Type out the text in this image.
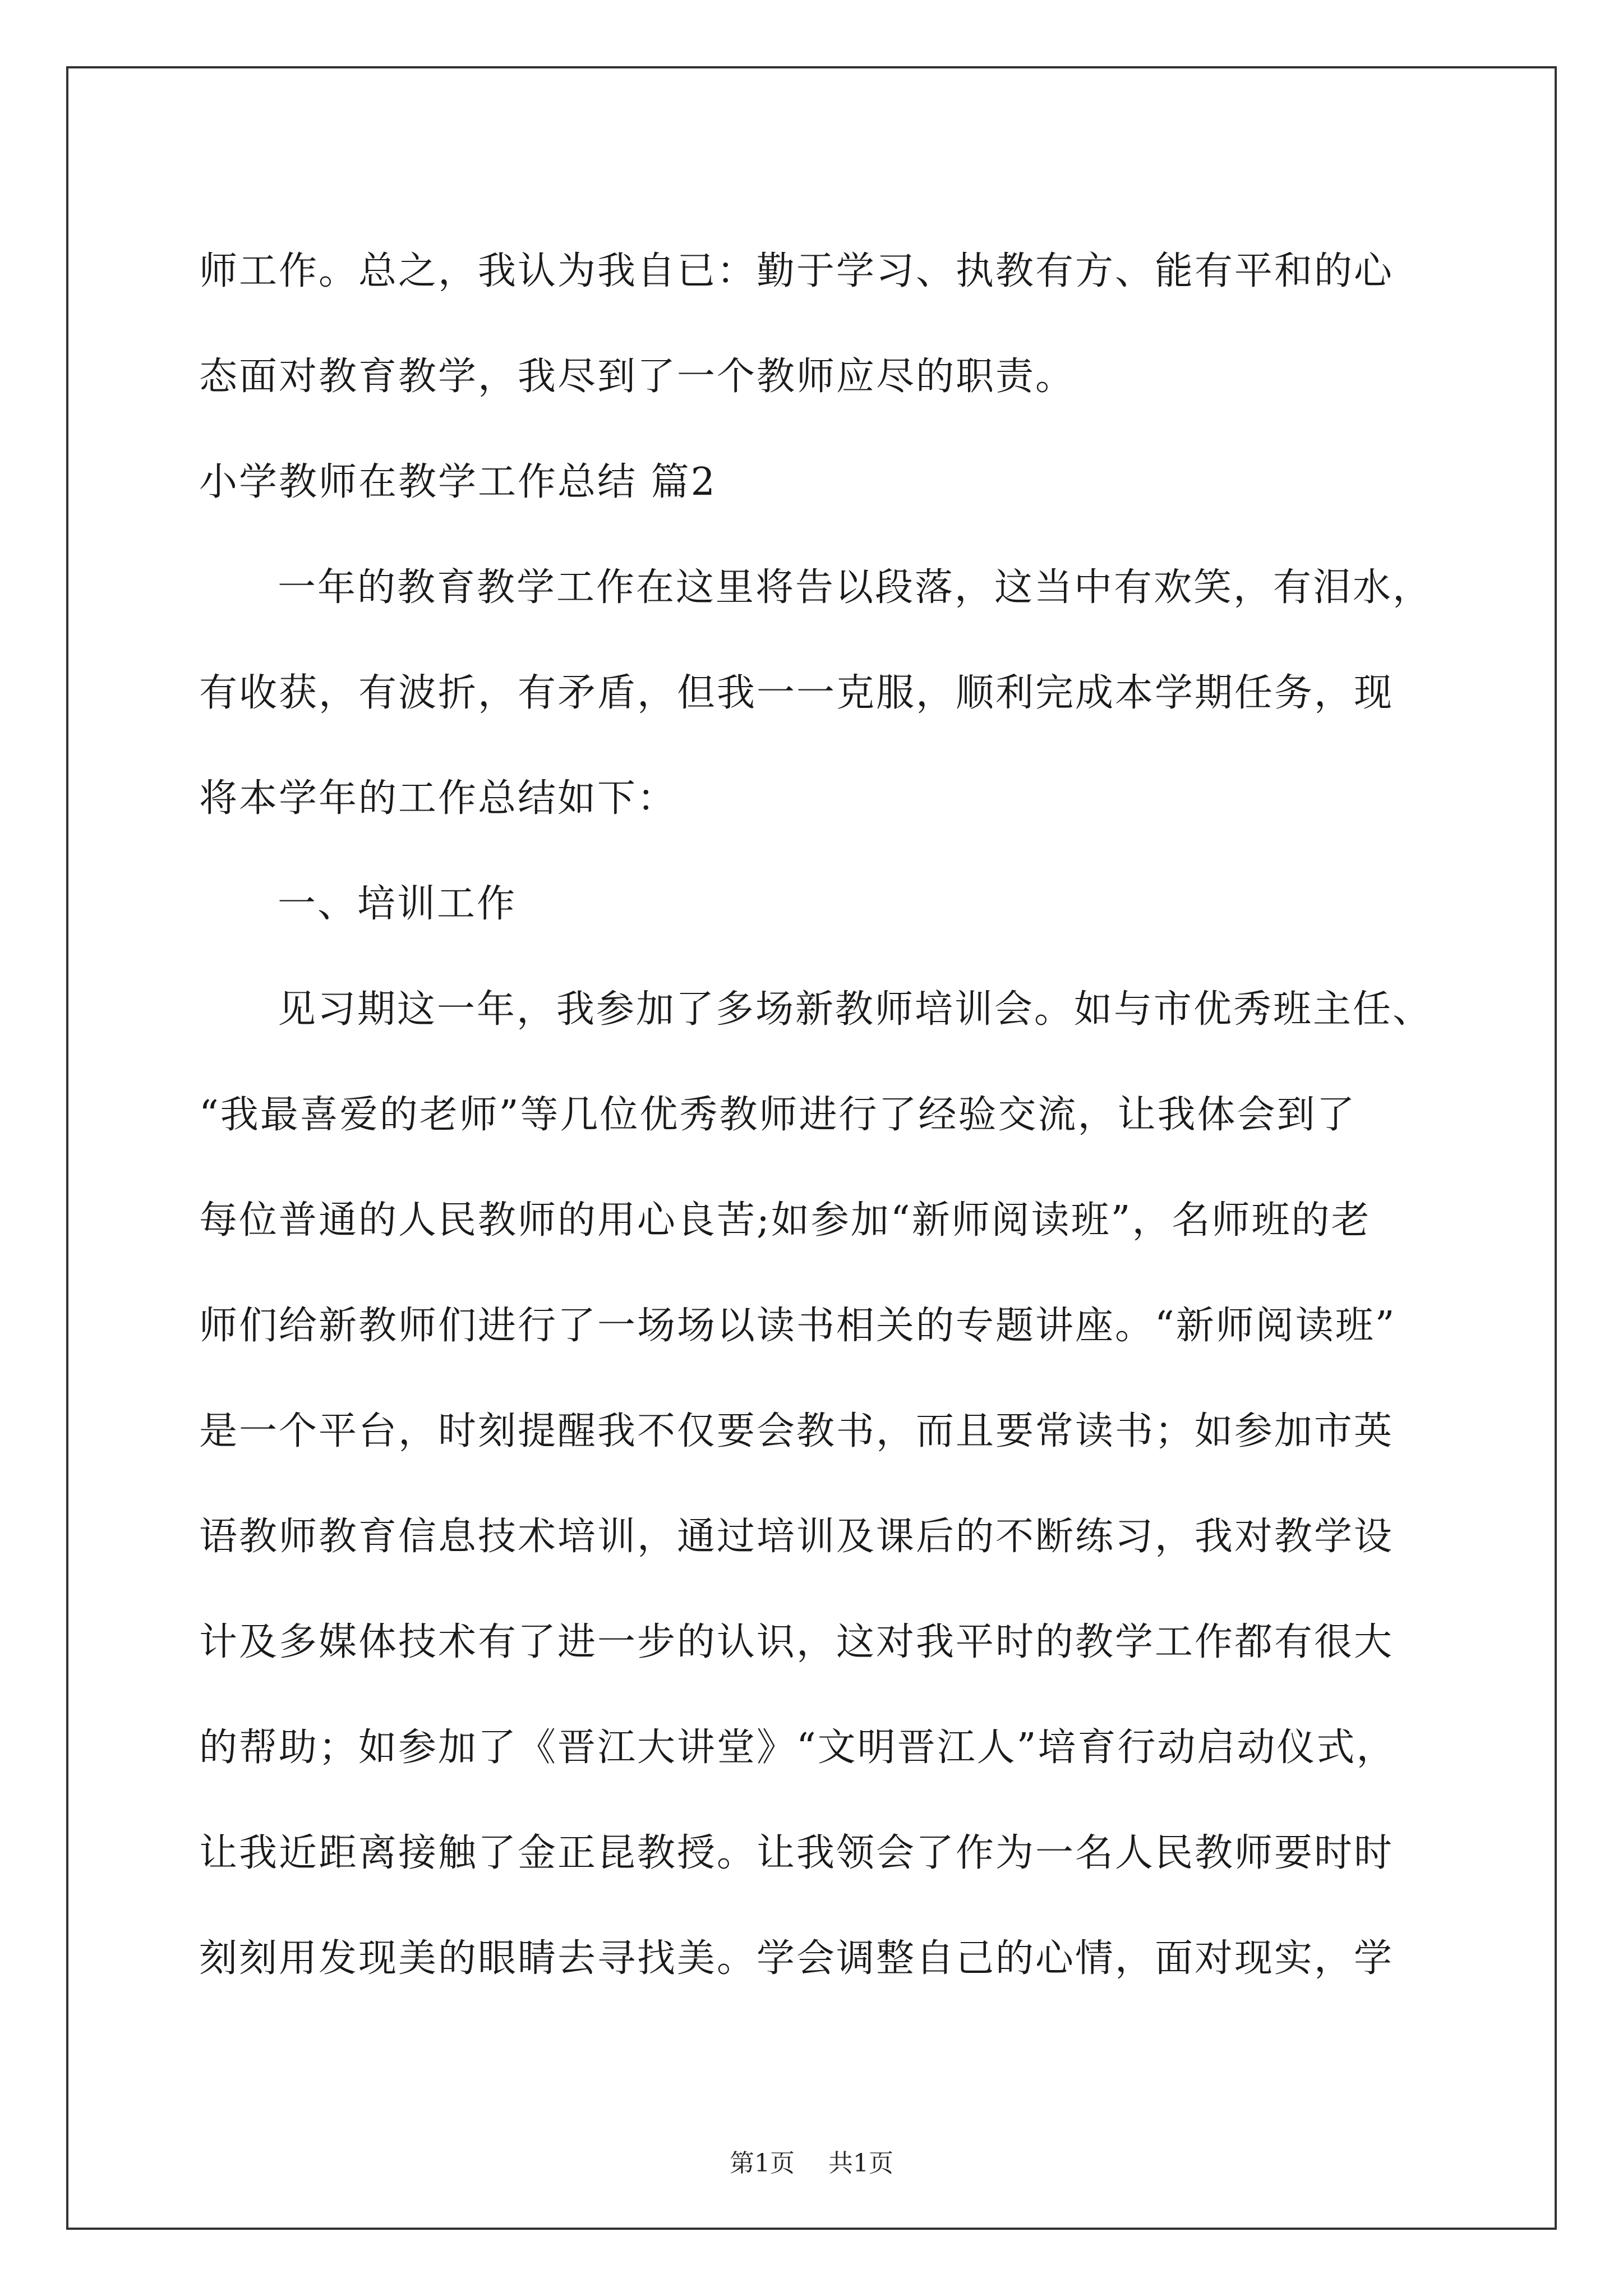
师工作。总之，我认为我自已：勤于学习、执教有方、能有平和的心
态面对教育教学，我尽到了一个教师应尽的职责。
小学教师在教学工作总结 篇2
一年的教育教学工作在这里将告以段落，这当中有欢笑，有泪水，
有收获，有波折，有矛盾，但我一一克服，顺利完成本学期任务，现
将本学年的工作总结如下：
一、培训工作
见习期这一年，我参加了多场新教师培训会。如与市优秀班主任、
“我最喜爱的老师”等几位优秀教师进行了经验交流，让我体会到了
每位普通的人民教师的用心良苦;如参加“新师阅读班”，名师班的老
师们给新教师们进行了一场场以读书相关的专题讲座。“新师阅读班”
是一个平台，时刻提醒我不仅要会教书，而且要常读书；如参加市英
语教师教育信息技术培训，通过培训及课后的不断练习，我对教学设
计及多媒体技术有了进一步的认识，这对我平时的教学工作都有很大
的帮助；如参加了《晋江大讲堂》“文明晋江人”培育行动启动仪式，
让我近距离接触了金正昆教授。让我领会了作为一名人民教师要时时
刻刻用发现美的眼睛去寻找美。学会调整自己的心情，面对现实，学
第1页 共1页
